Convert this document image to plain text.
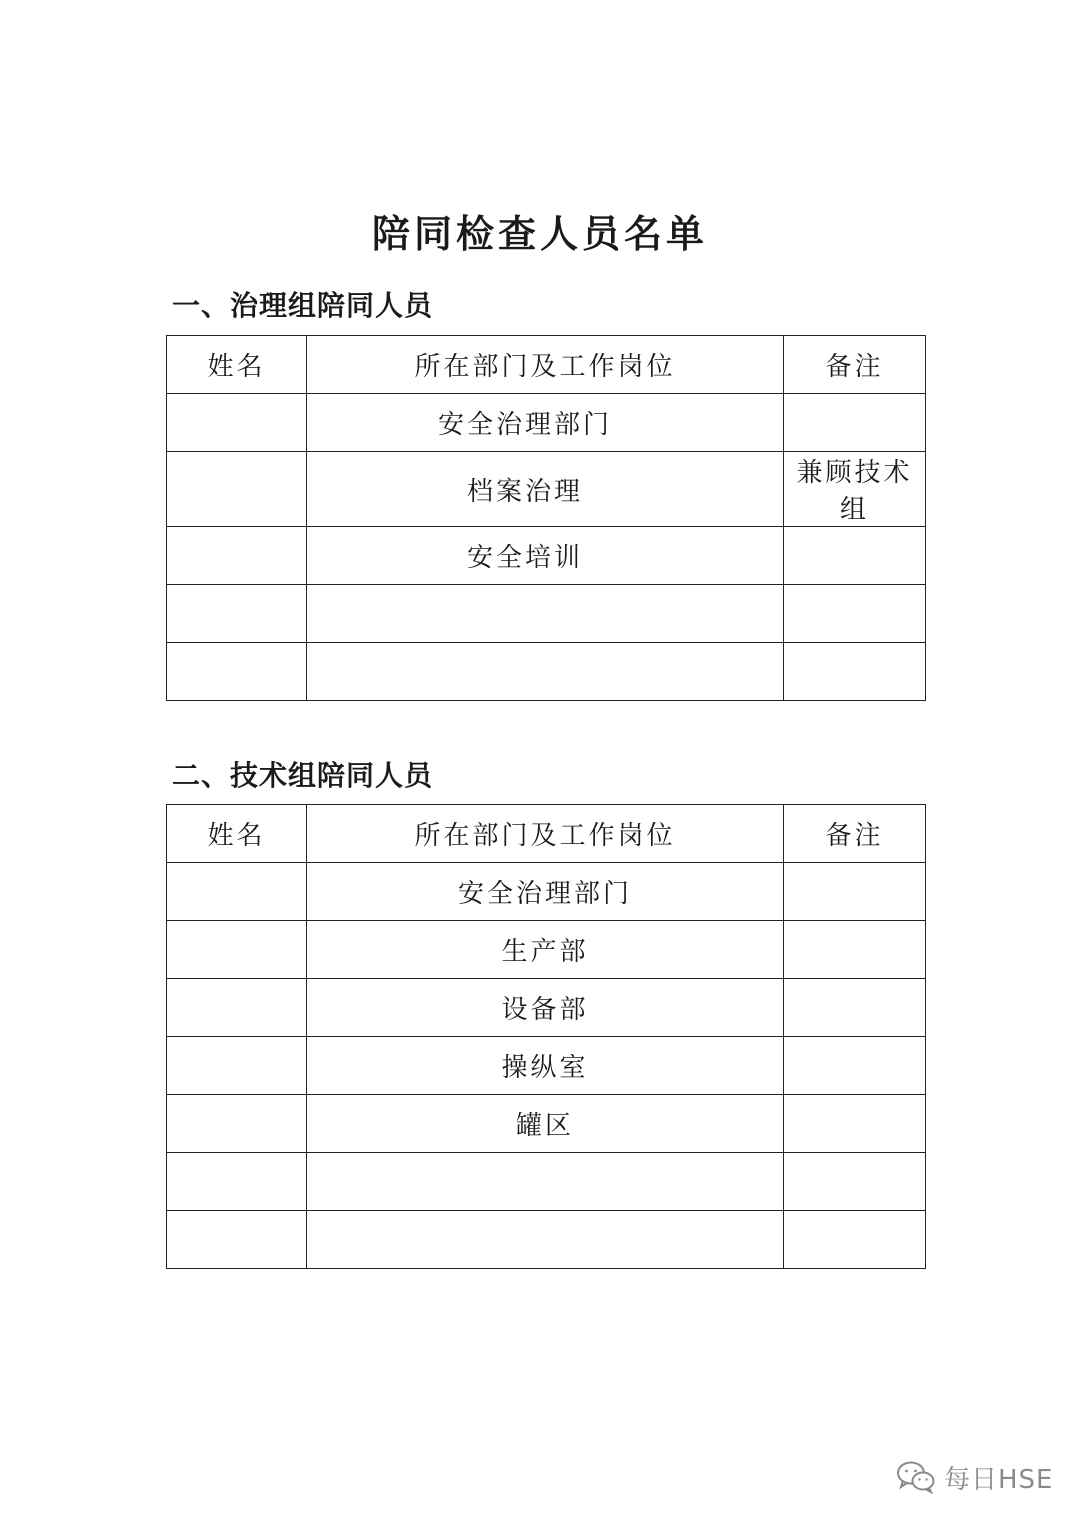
陪同检查人员名单
一、治理组陪同人员
姓名	所在部门及工作岗位	备注
	安全治理部门	
	档案治理	兼顾技术组
	安全培训	

二、技术组陪同人员
姓名	所在部门及工作岗位	备注
	安全治理部门	
	生产部	
	设备部	
	操纵室	
	罐区	

每日HSE
